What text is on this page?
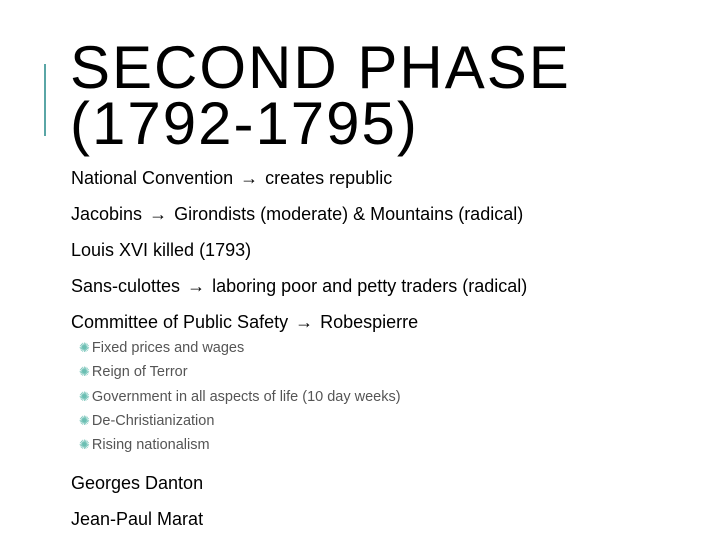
SECOND PHASE
(1792-1795)
National Convention → creates republic
Jacobins → Girondists (moderate) & Mountains (radical)
Louis XVI killed (1793)
Sans-culottes → laboring poor and petty traders (radical)
Committee of Public Safety → Robespierre
✺ Fixed prices and wages
✺ Reign of Terror
✺ Government in all aspects of life (10 day weeks)
✺ De-Christianization
✺ Rising nationalism
Georges Danton
Jean-Paul Marat
